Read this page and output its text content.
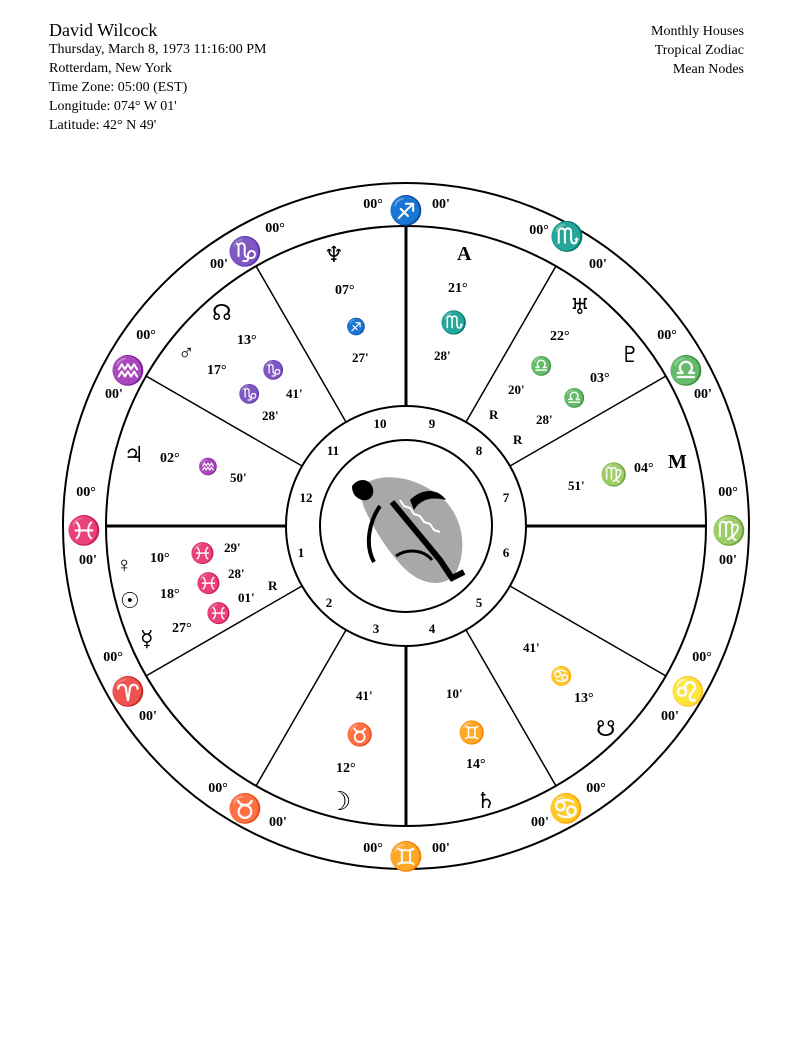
David Wilcock
Thursday, March 8, 1973 11:16:00 PM
Rotterdam, New York
Time Zone: 05:00 (EST)
Longitude: 074° W 01'
Latitude: 42° N 49'
Monthly Houses
Tropical Zodiac
Mean Nodes
♐
00°	00'
♏
00°
00'
♎
00°
00'
♍
00°
00'
♌
00°
00'
♋
00°
00'
♊
00°	00'
♉
00°
00'
♈
00°
00'
♓
00°
00'
♒
00°
00'
♑
00°
00'
1
2
3	4
5
6
7
8
9
10
11
12
A
M
♆
07°
♐
27'
21°
♏
28'
♅
22°
♎
20'
R
♇
03°
♎
28'
R
☊
13°
♂
17° ♑
41'
♑
28'
♃ 02°
♒
50'
51' ♍ 04°
♀ 10° ♓ 29'
☉ 18° ♓ 28'
☿ 27°
♓
01'
R
41'
♋
13°
☋
10'
♊
14°
♄
41'
♉
12°
☽
